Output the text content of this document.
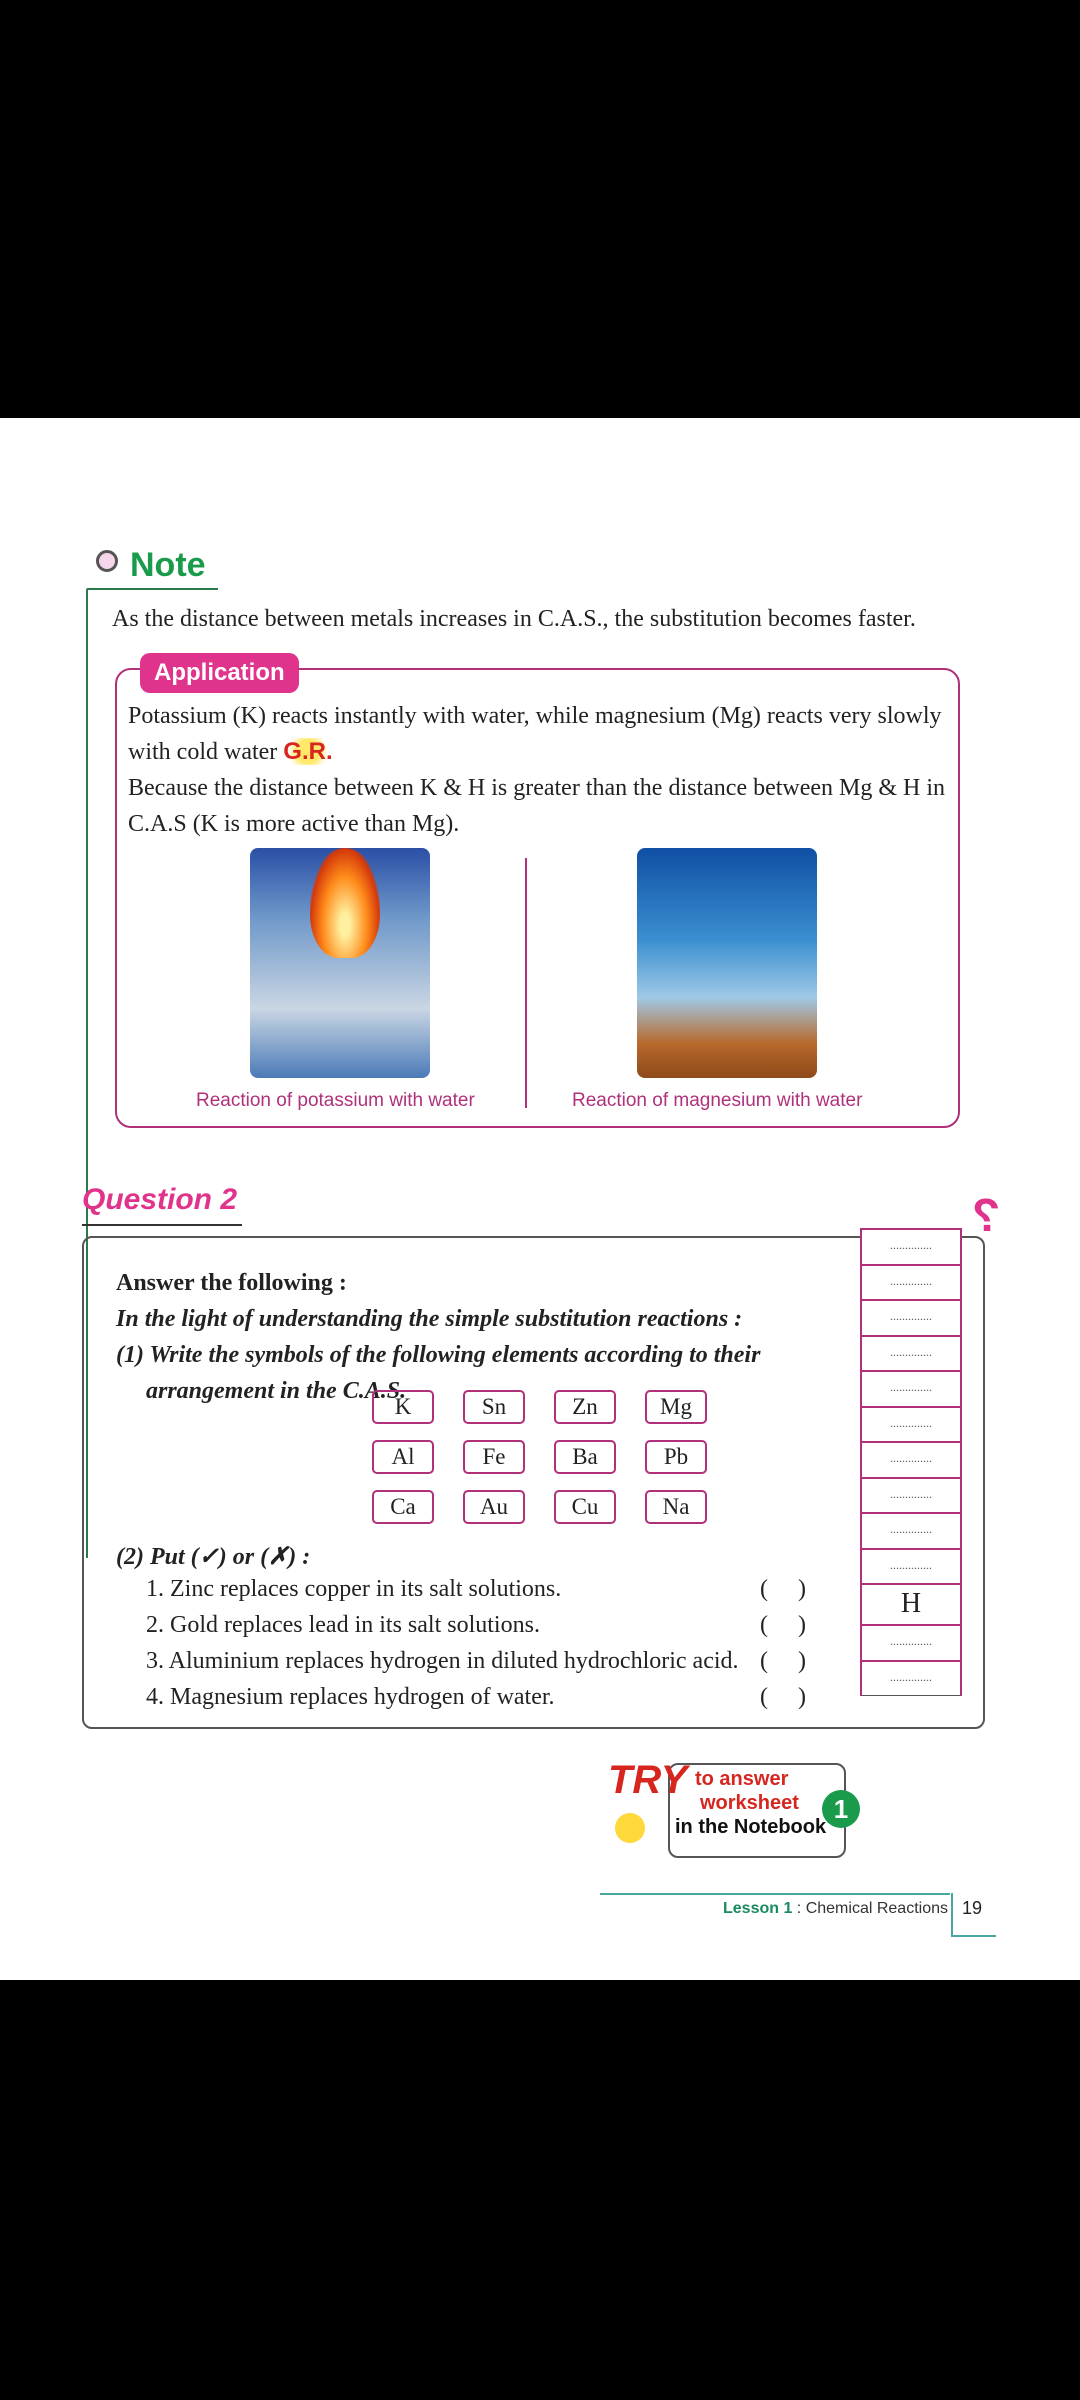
Note
As the distance between metals increases in C.A.S., the substitution becomes faster.
Application
Potassium (K) reacts instantly with water, while magnesium (Mg) reacts very slowly with cold water G.R.
Because the distance between K & H is greater than the distance between Mg & H in C.A.S (K is more active than Mg).
Reaction of potassium with water	Reaction of magnesium with water
Question 2	?
Answer the following :
In the light of understanding the simple substitution reactions :
(1) Write the symbols of the following elements according to their
arrangement in the C.A.S.
(2) Put (✓) or (✗) :
..............
..............
..............
..............
..............
..............
..............
..............
..............
..............
H
..............
..............
TRY to answer
worksheet
in the Notebook
1
Lesson 1 : Chemical Reactions 19
K	Sn	Zn	Mg
Al	Fe	Ba	Pb
Ca	Au	Cu	Na
1. Zinc replaces copper in its salt solutions.	(     )
2. Gold replaces lead in its salt solutions.	(     )
3. Aluminium replaces hydrogen in diluted hydrochloric acid. (     )
4. Magnesium replaces hydrogen of water.	(     )
